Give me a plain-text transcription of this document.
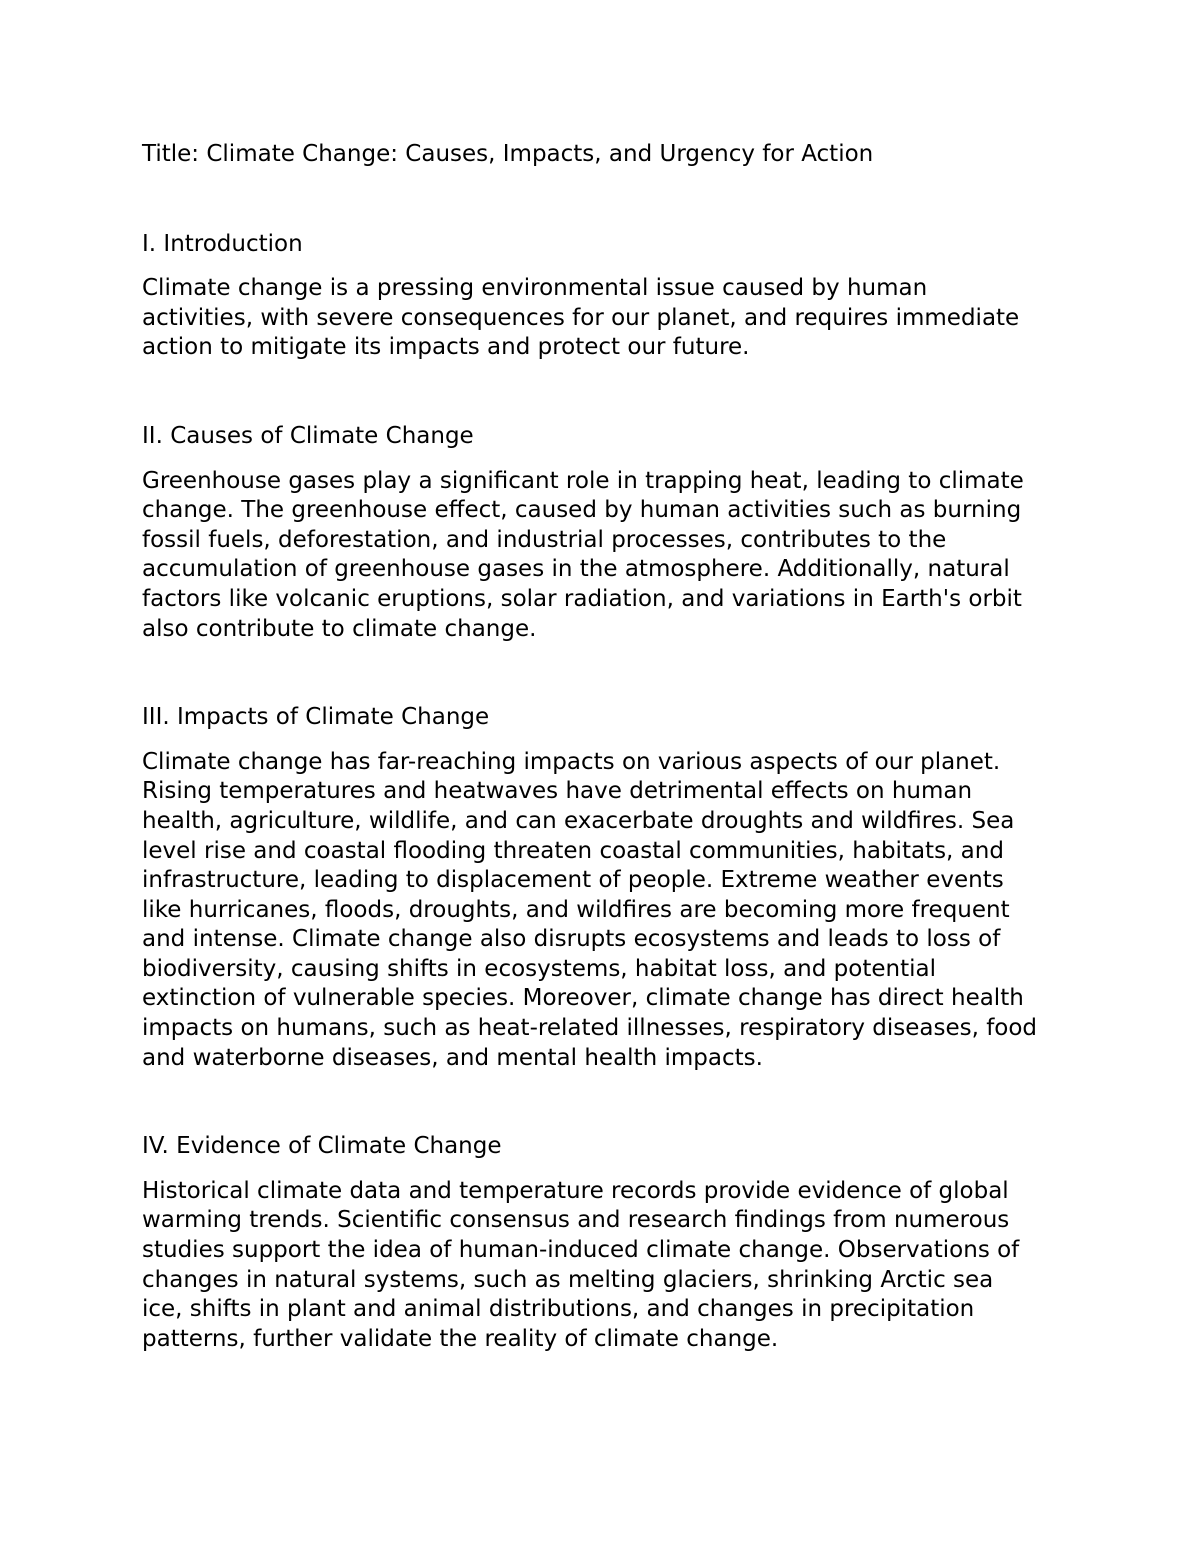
Title: Climate Change: Causes, Impacts, and Urgency for Action

I. Introduction

Climate change is a pressing environmental issue caused by human
activities, with severe consequences for our planet, and requires immediate
action to mitigate its impacts and protect our future.

II. Causes of Climate Change

Greenhouse gases play a significant role in trapping heat, leading to climate
change. The greenhouse effect, caused by human activities such as burning
fossil fuels, deforestation, and industrial processes, contributes to the
accumulation of greenhouse gases in the atmosphere. Additionally, natural
factors like volcanic eruptions, solar radiation, and variations in Earth's orbit
also contribute to climate change.

III. Impacts of Climate Change

Climate change has far-reaching impacts on various aspects of our planet.
Rising temperatures and heatwaves have detrimental effects on human
health, agriculture, wildlife, and can exacerbate droughts and wildfires. Sea
level rise and coastal flooding threaten coastal communities, habitats, and
infrastructure, leading to displacement of people. Extreme weather events
like hurricanes, floods, droughts, and wildfires are becoming more frequent
and intense. Climate change also disrupts ecosystems and leads to loss of
biodiversity, causing shifts in ecosystems, habitat loss, and potential
extinction of vulnerable species. Moreover, climate change has direct health
impacts on humans, such as heat-related illnesses, respiratory diseases, food
and waterborne diseases, and mental health impacts.

IV. Evidence of Climate Change

Historical climate data and temperature records provide evidence of global
warming trends. Scientific consensus and research findings from numerous
studies support the idea of human-induced climate change. Observations of
changes in natural systems, such as melting glaciers, shrinking Arctic sea
ice, shifts in plant and animal distributions, and changes in precipitation
patterns, further validate the reality of climate change.
